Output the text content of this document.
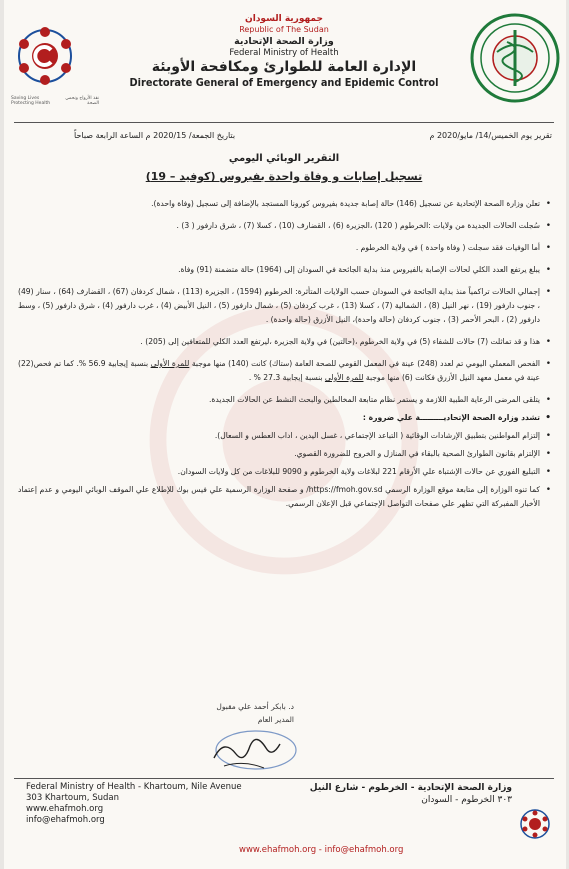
Saving Lives
Protecting Health
نقذ الأرواح ونحمي الصحة
جمهورية السودان
Republic of The Sudan
وزارة الصحة الإتحادية
Federal Ministry of Health
الإدارة العامة للطوارئ ومكافحة الأوبئة
Directorate General of Emergency and Epidemic Control
تقرير يوم الخميس/14/ مايو/2020 م
بتاريخ الجمعة/ 2020/15 م الساعة الرابعة صباحاً
التقرير الوبائي اليومي
تسجيل إصابات و وفاة واحدة بفيروس (كوفيد – 19)
•
تعلن وزارة الصحة الإتحادية عن تسجيل (146) حالة إصابة جديدة بفيروس كورونا المستجد بالإضافة إلى تسجيل (وفاة واحدة).
•
سُجلت الحالات الجديدة من ولايات :الخرطوم ( 120) ،الجزيرة (6) ، القضارف (10) ، كسلا (7) ، شرق دارفور ( 3) .
•
أما الوفيات فقد سجلت ( وفاة واحدة ) في ولاية الخرطوم .
•
يبلغ يرتفع العدد الكلي لحالات الإصابة بالفيروس منذ بداية الجائحة في السودان إلى (1964) حالة متضمنة (91) وفاة.
•
إجمالي الحالات تراكمياً منذ بداية الجائحة في السودان حسب الولايات المتأثرة: الخرطوم (1594) ، الجزيرة (113) ، شمال كردفان (67) ، القضارف (64) ، سنار (49) ، جنوب دارفور (19) ، نهر النيل (8) ، الشمالية (7) ، كسلا (13) ، غرب كردفان (5) ، شمال دارفور (5) ، النيل الأبيض (4) ، غرب دارفور (4) ، شرق دارفور (5) ، وسط دارفور (2) ، البحر الأحمر (3) ، جنوب كردفان (حالة واحدة)، النيل الأزرق (حالة واحدة) .
•
هذا و قد تماثلت (7) حالات للشفاء (5) في ولاية الخرطوم ،(حالتين) في ولاية الجزيرة ،ليرتفع العدد الكلي للمتعافين إلى (205) .
•
الفحص المعملي اليومي تم لعدد (248) عينة في المعمل القومي للصحة العامة (ستاك) كانت (140) منها موجبة للمرة الأولى بنسبة إيجابية 56.9 %. كما تم فحص(22) عينة في معمل معهد النيل الأزرق فكانت (6) منها موجبة للمرة الأولى بنسبة إيجابية 27.3 % .
•
يتلقى المرضى الرعاية الطبية اللازمة و يستمر نظام متابعة المخالطين والبحث النشط عن الحالات الجديدة.
•
تشدد وزارة الصحة الإتحاديـــــــــة علي ضرورة :
•
إلتزام المواطنين بتطبيق الإرشادات الوقائية ( التباعد الإجتماعي ، غسل اليدين ، اداب العطس و السعال).
•
الإلتزام بقانون الطوارئ الصحية بالبقاء في المنازل و الخروج للضرورة القصوي.
•
التبليغ الفوري عن حالات الإشتباة علي الأرقام 221 لبلاغات ولاية الخرطوم و 9090 للبلاغات من كل ولايات السودان.
•
كما تنوه الوزارة إلى متابعة موقع الوزارة الرسمي https://fmoh.gov.sd/ و صفحة الوزارة الرسمية علي فيس بوك للإطلاع علي الموقف الوبائي اليومي و عدم إعتماد الأخبار المفبركة التي تظهر علي صفحات التواصل الإجتماعي قبل الإعلان الرسمي.
د. بابكر أحمد علي مقبول
المدير العام
Federal Ministry of Health - Khartoum, Nile Avenue
303 Khartoum, Sudan
www.ehafmoh.org
info@ehafmoh.org
وزارة الصحة الإتحادية - الخرطوم - شارع النيل
٣٠٣ الخرطوم - السودان
www.ehafmoh.org - info@ehafmoh.org
